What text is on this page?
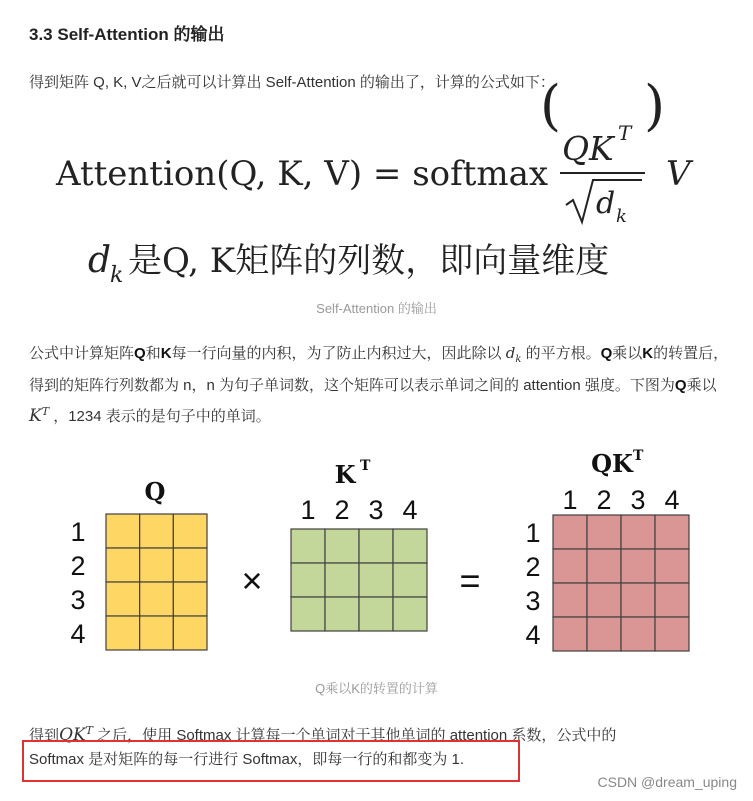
3.3 Self-Attention 的输出
得到矩阵 Q, K, V之后就可以计算出 Self-Attention 的输出了，计算的公式如下：
Attention(Q, K, V) = softmax
(
QK T
d k
)
V
d
k 是Q, K矩阵的列数，即向量维度
Self-Attention 的输出
公式中计算矩阵Q和K每一行向量的内积，为了防止内积过大，因此除以 $d_k$ 的平方根。Q乘以K的转置后，得到的矩阵行列数都为 n，n 为句子单词数，这个矩阵可以表示单词之间的 attention 强度。下图为Q乘以 $K^T$ ，1234 表示的是句子中的单词。
Q
K T	QK T
×	=
1
2
3
4
1 2 3 4
1
2
3
4
1 2 3 4
Q乘以K的转置的计算
得到$QK^T$ 之后，使用 Softmax 计算每一个单词对于其他单词的 attention 系数，公式中的
Softmax 是对矩阵的每一行进行 Softmax，即每一行的和都变为 1.
CSDN @dream_uping
